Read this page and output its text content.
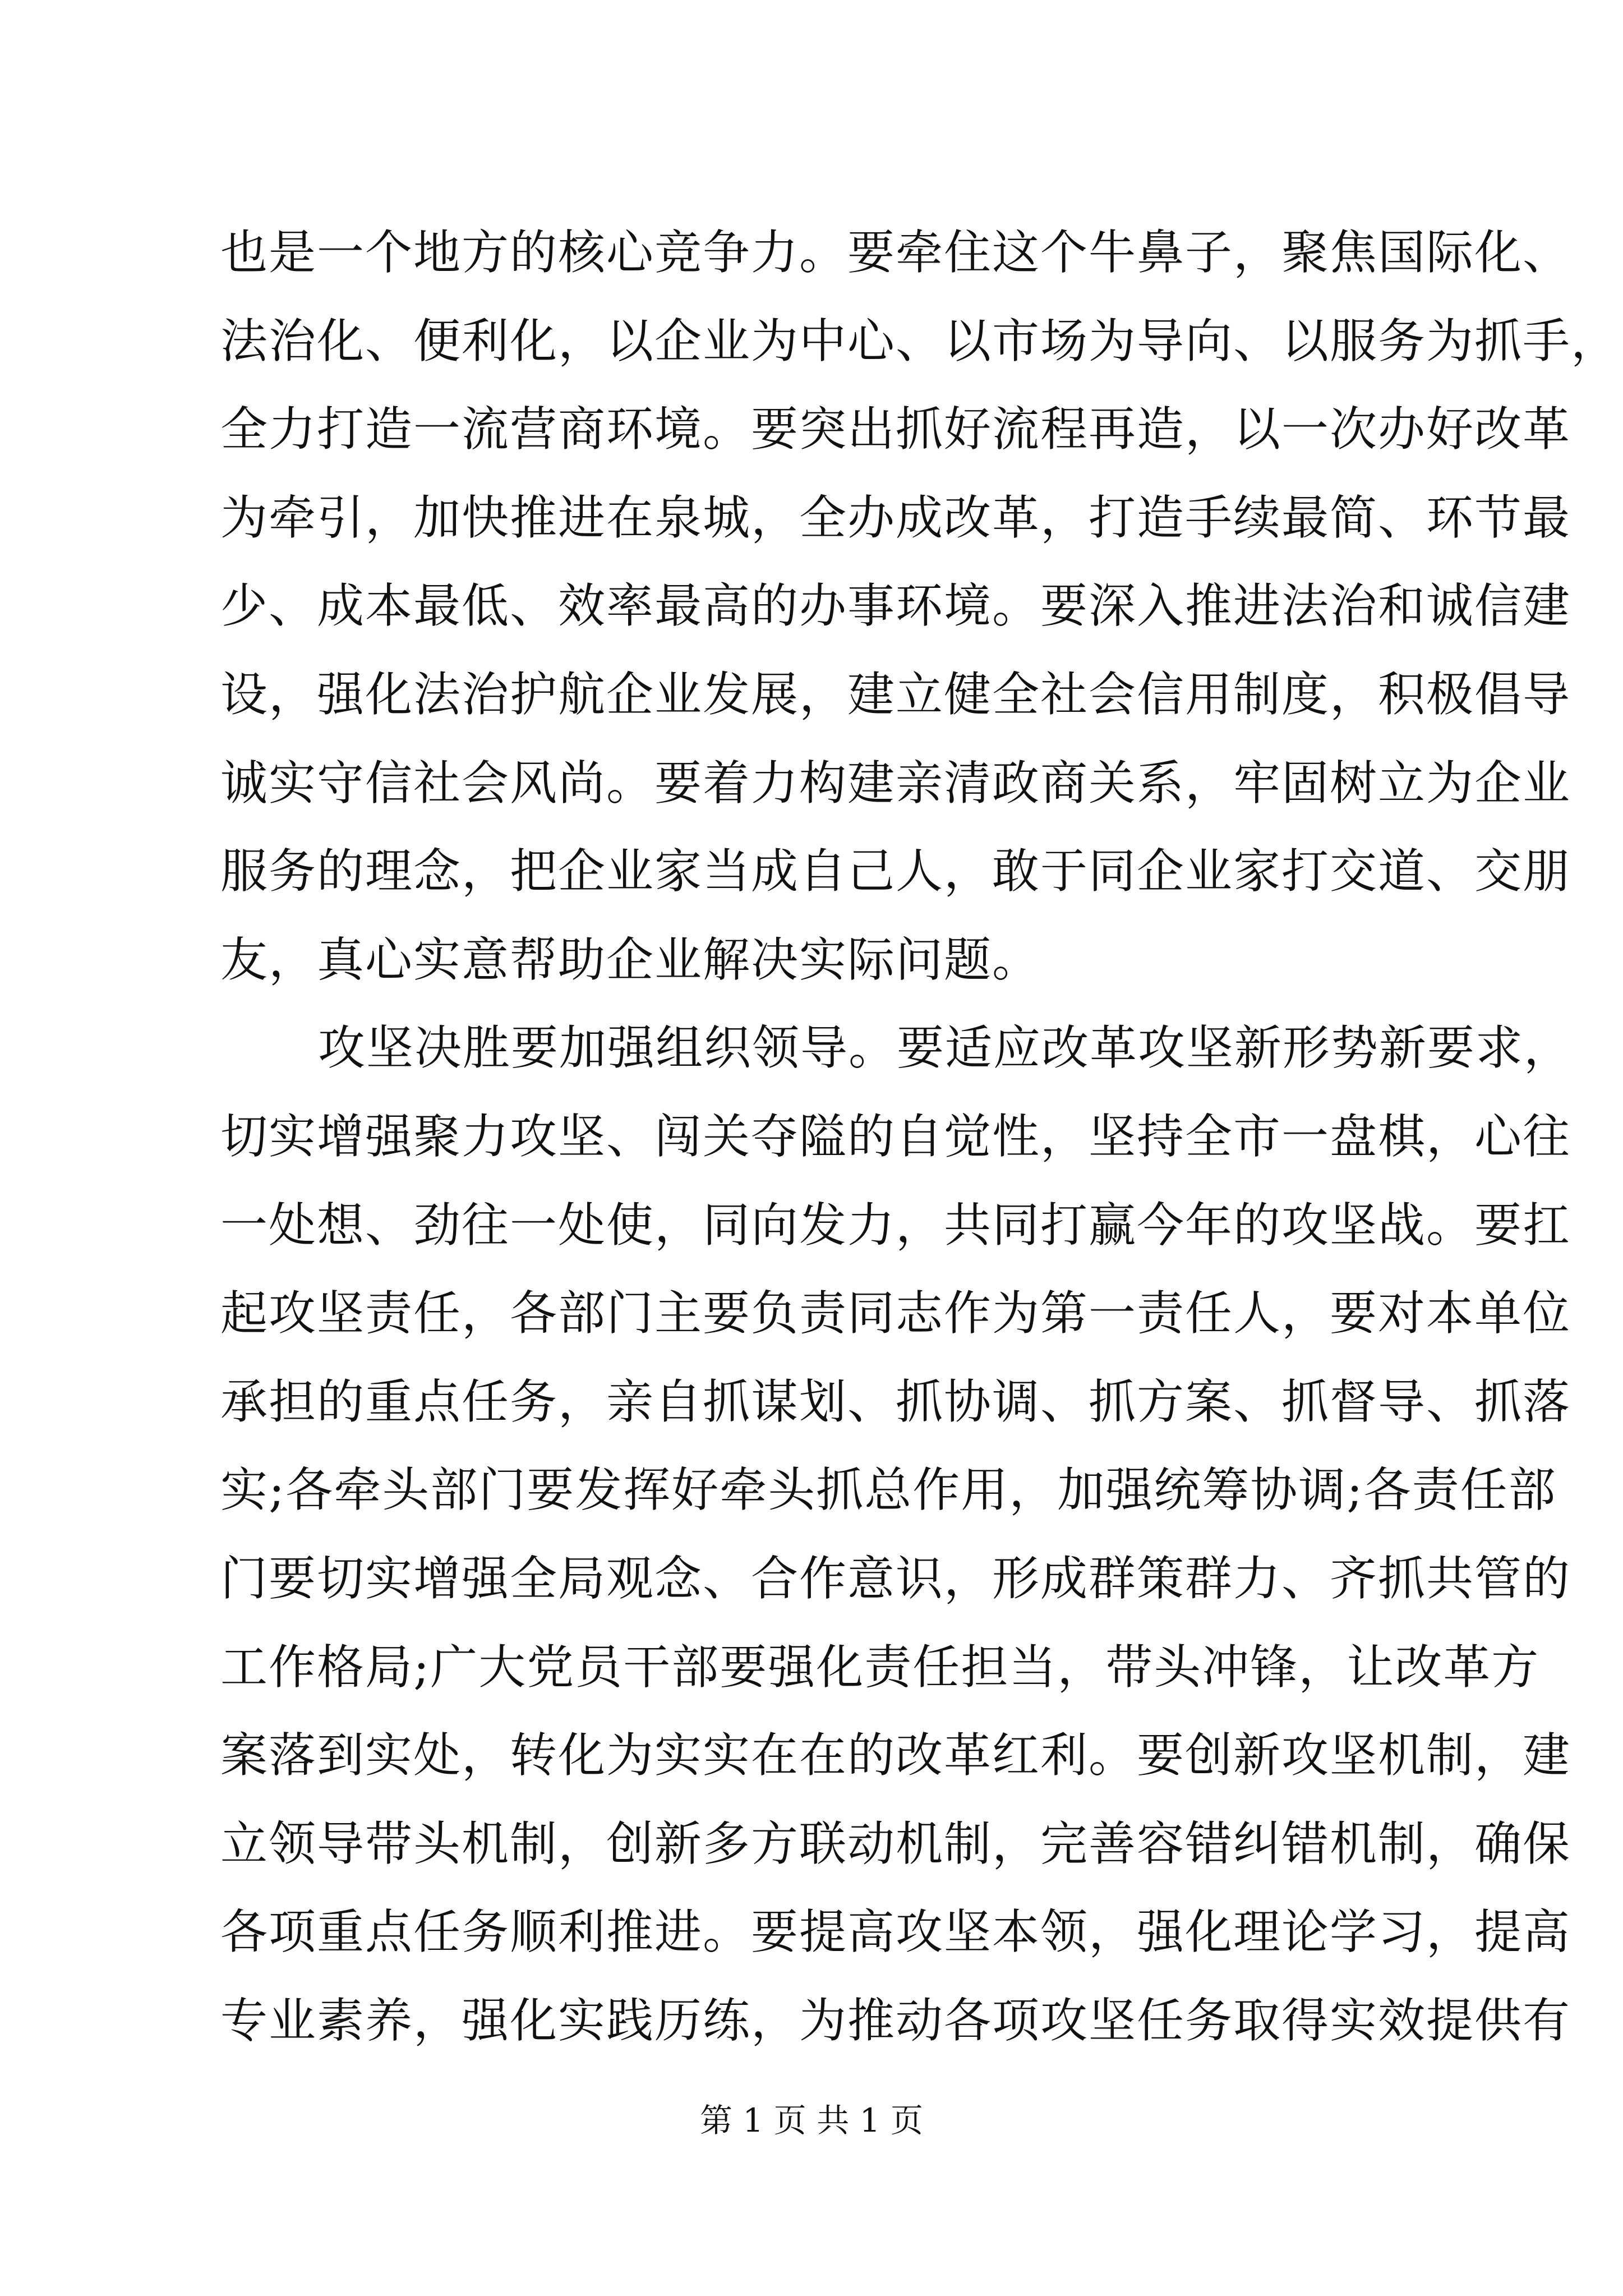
也是一个地方的核心竞争力。要牵住这个牛鼻子，聚焦国际化、
法治化、便利化，以企业为中心、以市场为导向、以服务为抓手，
全力打造一流营商环境。要突出抓好流程再造，以一次办好改革
为牵引，加快推进在泉城，全办成改革，打造手续最简、环节最
少、成本最低、效率最高的办事环境。要深入推进法治和诚信建
设，强化法治护航企业发展，建立健全社会信用制度，积极倡导
诚实守信社会风尚。要着力构建亲清政商关系，牢固树立为企业
服务的理念，把企业家当成自己人，敢于同企业家打交道、交朋
友，真心实意帮助企业解决实际问题。
攻坚决胜要加强组织领导。要适应改革攻坚新形势新要求，
切实增强聚力攻坚、闯关夺隘的自觉性，坚持全市一盘棋，心往
一处想、劲往一处使，同向发力，共同打赢今年的攻坚战。要扛
起攻坚责任，各部门主要负责同志作为第一责任人，要对本单位
承担的重点任务，亲自抓谋划、抓协调、抓方案、抓督导、抓落
实;各牵头部门要发挥好牵头抓总作用，加强统筹协调;各责任部
门要切实增强全局观念、合作意识，形成群策群力、齐抓共管的
工作格局;广大党员干部要强化责任担当，带头冲锋，让改革方
案落到实处，转化为实实在在的改革红利。要创新攻坚机制，建
立领导带头机制，创新多方联动机制，完善容错纠错机制，确保
各项重点任务顺利推进。要提高攻坚本领，强化理论学习，提高
专业素养，强化实践历练，为推动各项攻坚任务取得实效提供有
第 1 页 共 1 页
